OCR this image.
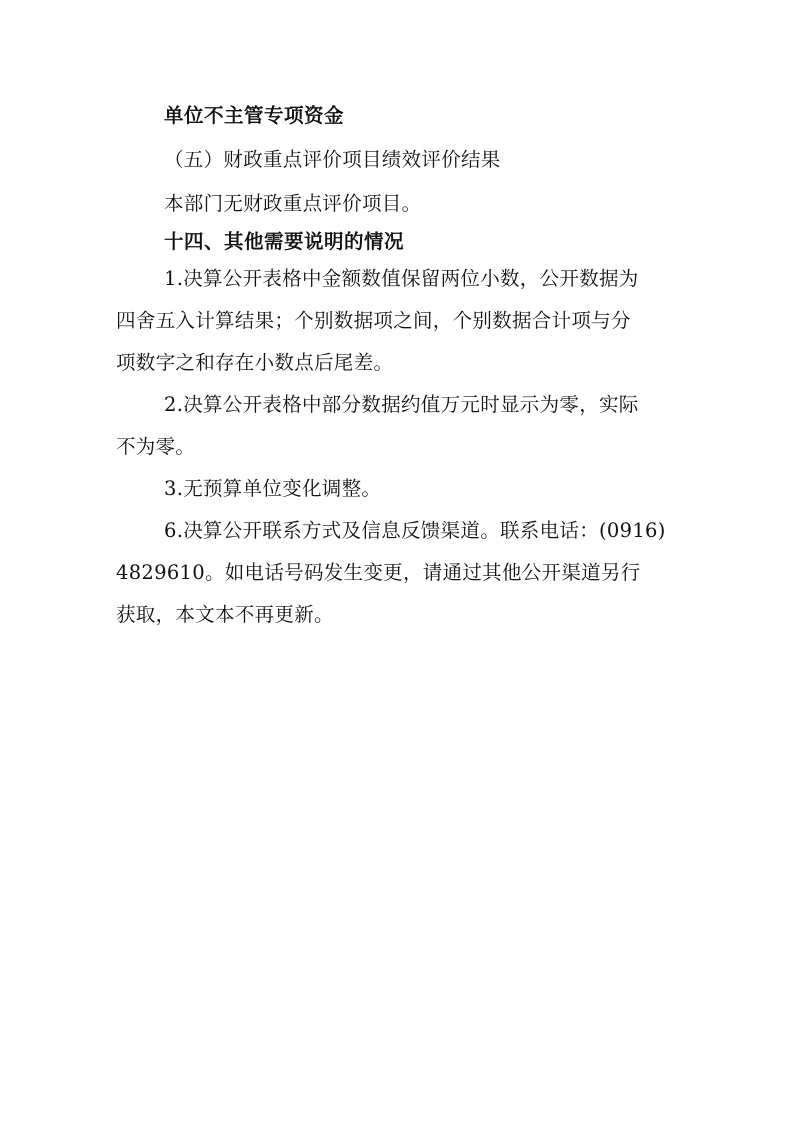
单位不主管专项资金
（五）财政重点评价项目绩效评价结果
本部门无财政重点评价项目。
十四、其他需要说明的情况
1.决算公开表格中金额数值保留两位小数，公开数据为
四舍五入计算结果；个别数据项之间，个别数据合计项与分
项数字之和存在小数点后尾差。
2.决算公开表格中部分数据约值万元时显示为零，实际
不为零。
3.无预算单位变化调整。
6.决算公开联系方式及信息反馈渠道。联系电话：(0916)
4829610。如电话号码发生变更，请通过其他公开渠道另行
获取，本文本不再更新。
